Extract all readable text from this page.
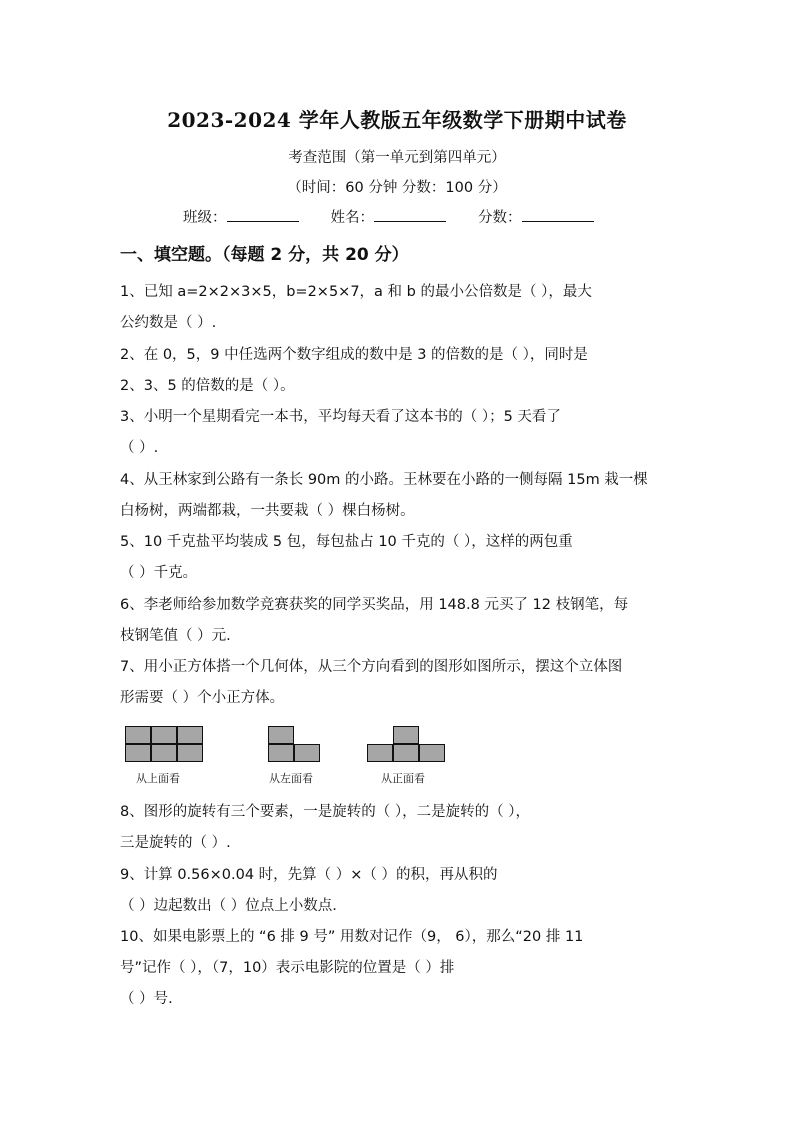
2023-2024 学年人教版五年级数学下册期中试卷
考查范围（第一单元到第四单元）
（时间：60 分钟 分数：100 分）
班级：	姓名：	分数：
一、填空题。（每题 2 分，共 20 分）
1、已知 a=2×2×3×5，b=2×5×7，a 和 b 的最小公倍数是（ ），最大
公约数是（ ）.
2、在 0，5，9 中任选两个数字组成的数中是 3 的倍数的是（ ），同时是
2、3、5 的倍数的是（ ）。
3、小明一个星期看完一本书，平均每天看了这本书的（ ）；5 天看了
（ ）.
4、从王林家到公路有一条长 90m 的小路。王林要在小路的一侧每隔 15m 栽一棵
白杨树，两端都栽，一共要栽（ ）棵白杨树。
5、10 千克盐平均装成 5 包，每包盐占 10 千克的（ ），这样的两包重
（ ）千克。
6、李老师给参加数学竞赛获奖的同学买奖品，用 148.8 元买了 12 枝钢笔，每
枝钢笔值（ ）元.
7、用小正方体搭一个几何体，从三个方向看到的图形如图所示，摆这个立体图
形需要（ ）个小正方体。
从上面看	从左面看	从正面看
8、图形的旋转有三个要素，一是旋转的（ ），二是旋转的（ ），
三是旋转的（ ）.
9、计算 0.56×0.04 时，先算（ ）×（ ）的积，再从积的
（ ）边起数出（ ）位点上小数点.
10、如果电影票上的 “6 排 9 号” 用数对记作（9， 6），那么“20 排 11
号”记作（ ），（7，10）表示电影院的位置是（ ）排
（ ）号.
